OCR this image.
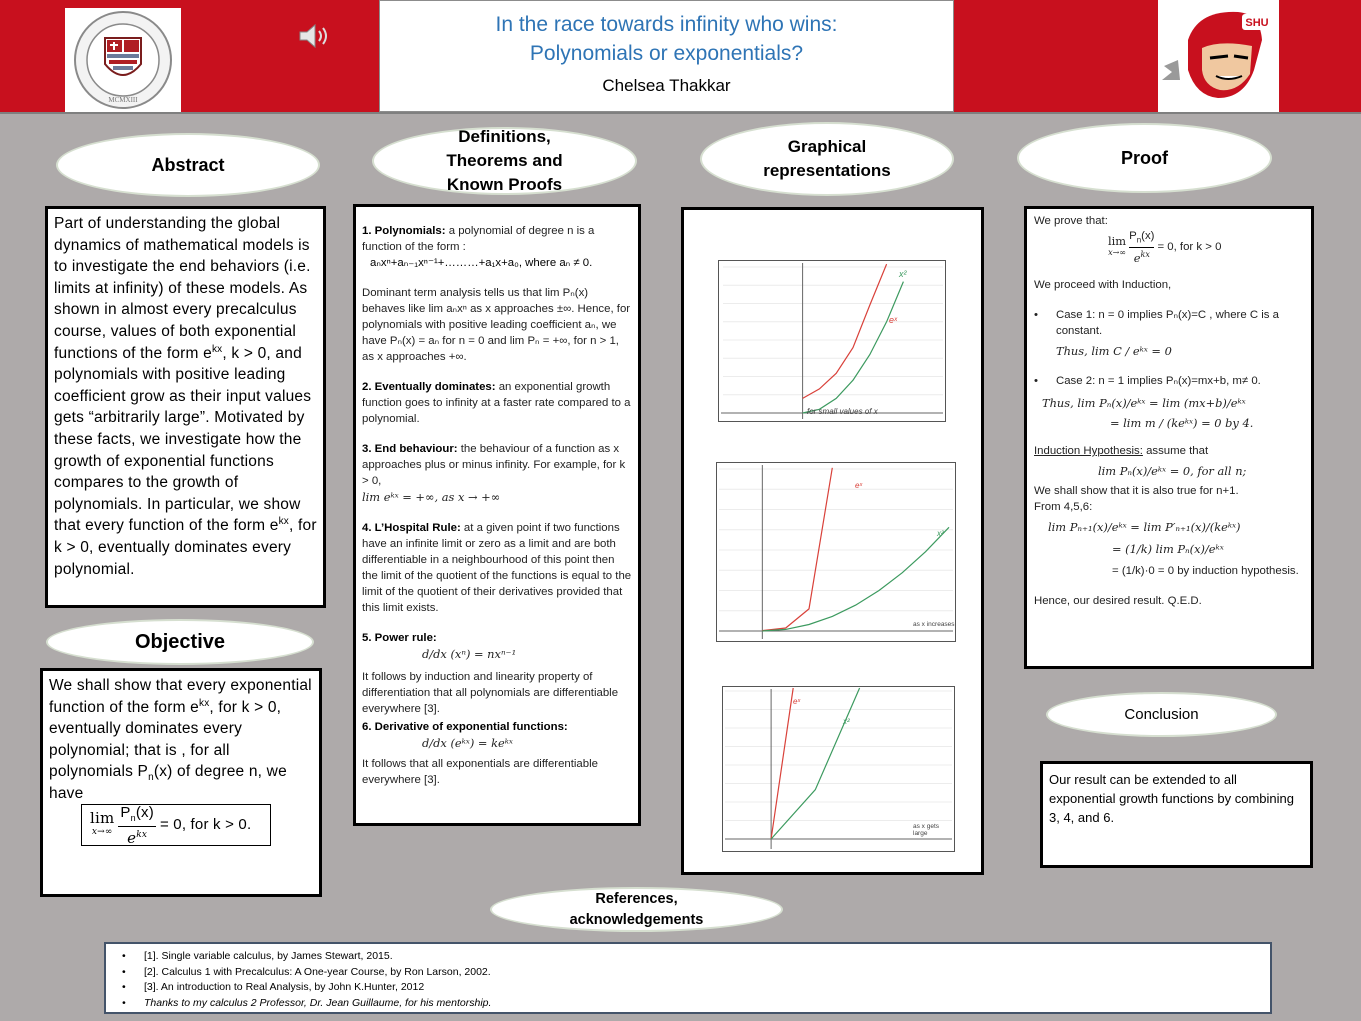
MCMXIII
In the race towards infinity who wins:
Polynomials or exponentials?
Chelsea Thakkar
SHU
Abstract
Definitions, Theorems and Known Proofs
Graphical representations
Proof
Objective
Conclusion
References, acknowledgements
Part of understanding the global dynamics of mathematical models is to investigate the end behaviors (i.e. limits at infinity) of these models. As shown in almost every precalculus course, values of both exponential functions of the form $e^{kx}$, k > 0, and polynomials with positive leading coefficient grow as their input values gets “arbitrarily large”. Motivated by these facts, we investigate how the growth of exponential functions compares to the growth of polynomials. In particular, we show that every function of the form $e^{kx}$, for k > 0, eventually dominates every polynomial.
We shall show that every exponential function of the form $e^{kx}$, for k > 0, eventually dominates every polynomial; that is , for all polynomials $P_n(x)$ of degree n, we have
lim
x→∞
$P_n(x)$
$e^{kx}$
= 0, for k > 0.

1. Polynomials: a polynomial of degree n is a function of the form :
aₙxⁿ+aₙ₋₁xⁿ⁻¹+………+a₁x+a₀, where aₙ ≠ 0.

Dominant term analysis tells us that lim Pₙ(x) behaves like lim aₙxⁿ as x approaches ±∞. Hence, for polynomials with positive leading coefficient aₙ, we have Pₙ(x) = aₙ for n = 0 and lim Pₙ = +∞, for n > 1, as x approaches +∞.

2. Eventually dominates: an exponential growth function goes to infinity at a faster rate compared to a polynomial.

3. End behaviour: the behaviour of a function as x approaches plus or minus infinity. For example, for k > 0,
lim eᵏˣ = +∞, as x → +∞

4. L’Hospital Rule: at a given point if two functions have an infinite limit or zero as a limit and are both differentiable in a neighbourhood of this point then the limit of the quotient of the functions is equal to the limit of the quotient of their derivatives provided that this limit exists.

5. Power rule:
d/dx (xⁿ) = nxⁿ⁻¹

It follows by induction and linearity property of differentiation that all polynomials are differentiable everywhere [3].

6. Derivative of exponential functions:
d/dx (eᵏˣ) = keᵏˣ

It follows that all exponentials are differentiable everywhere [3].

for small values of x
x²
eˣ
as x increases
eˣ
x²
as x gets large
eˣ
x²

We prove that:

lim
x→∞
$P_n(x)$
$e^{kx}$
= 0, for k > 0

We proceed with Induction,

• Case 1: n = 0 implies Pₙ(x)=C , where C is a constant.

Thus, lim C / eᵏˣ = 0

• Case 2: n = 1 implies Pₙ(x)=mx+b, m≠ 0.

Thus, lim Pₙ(x)/eᵏˣ = lim (mx+b)/eᵏˣ

= lim m / (keᵏˣ) = 0 by 4.

Induction Hypothesis: assume that

lim Pₙ(x)/eᵏˣ = 0, for all n;

We shall show that it is also true for n+1.

From 4,5,6:

lim Pₙ₊₁(x)/eᵏˣ = lim P′ₙ₊₁(x)/(keᵏˣ)

= (1/k) lim Pₙ(x)/eᵏˣ

= (1/k)·0 = 0 by induction hypothesis.

Hence, our desired result. Q.E.D.

Our result can be extended to all exponential growth functions by combining 3, 4, and 6.
• [1]. Single variable calculus, by James Stewart, 2015.
• [2]. Calculus 1 with Precalculus: A One-year Course, by Ron Larson, 2002.
• [3]. An introduction to Real Analysis, by John K.Hunter, 2012
• Thanks to my calculus 2 Professor, Dr. Jean Guillaume, for his mentorship.
